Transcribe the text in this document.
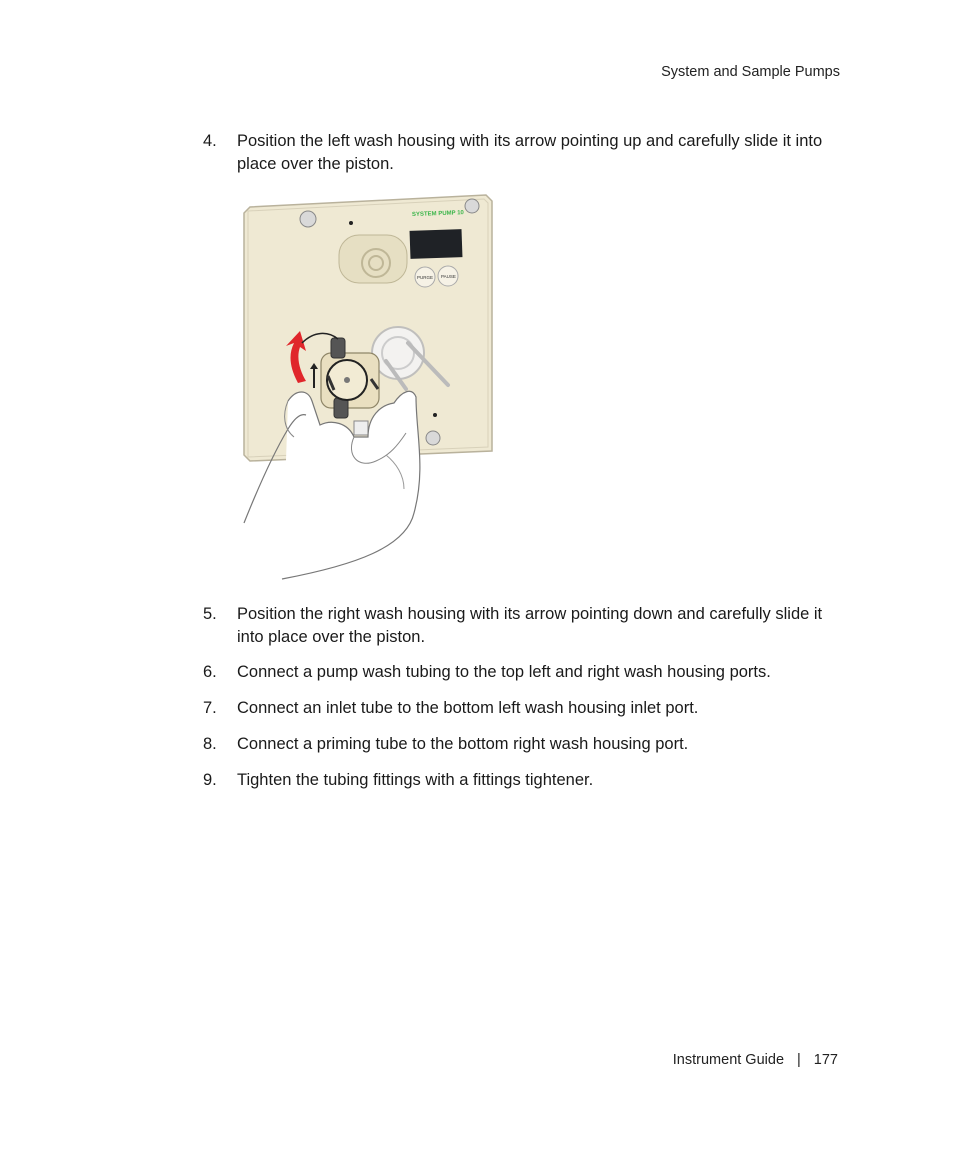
System and Sample Pumps
4. Position the left wash housing with its arrow pointing up and carefully slide it into place over the piston.
SYSTEM PUMP 10
PURGE PAUSE
5. Position the right wash housing with its arrow pointing down and carefully slide it into place over the piston.
6. Connect a pump wash tubing to the top left and right wash housing ports.
7. Connect an inlet tube to the bottom left wash housing inlet port.
8. Connect a priming tube to the bottom right wash housing port.
9. Tighten the tubing fittings with a fittings tightener.
Instrument Guide | 177
